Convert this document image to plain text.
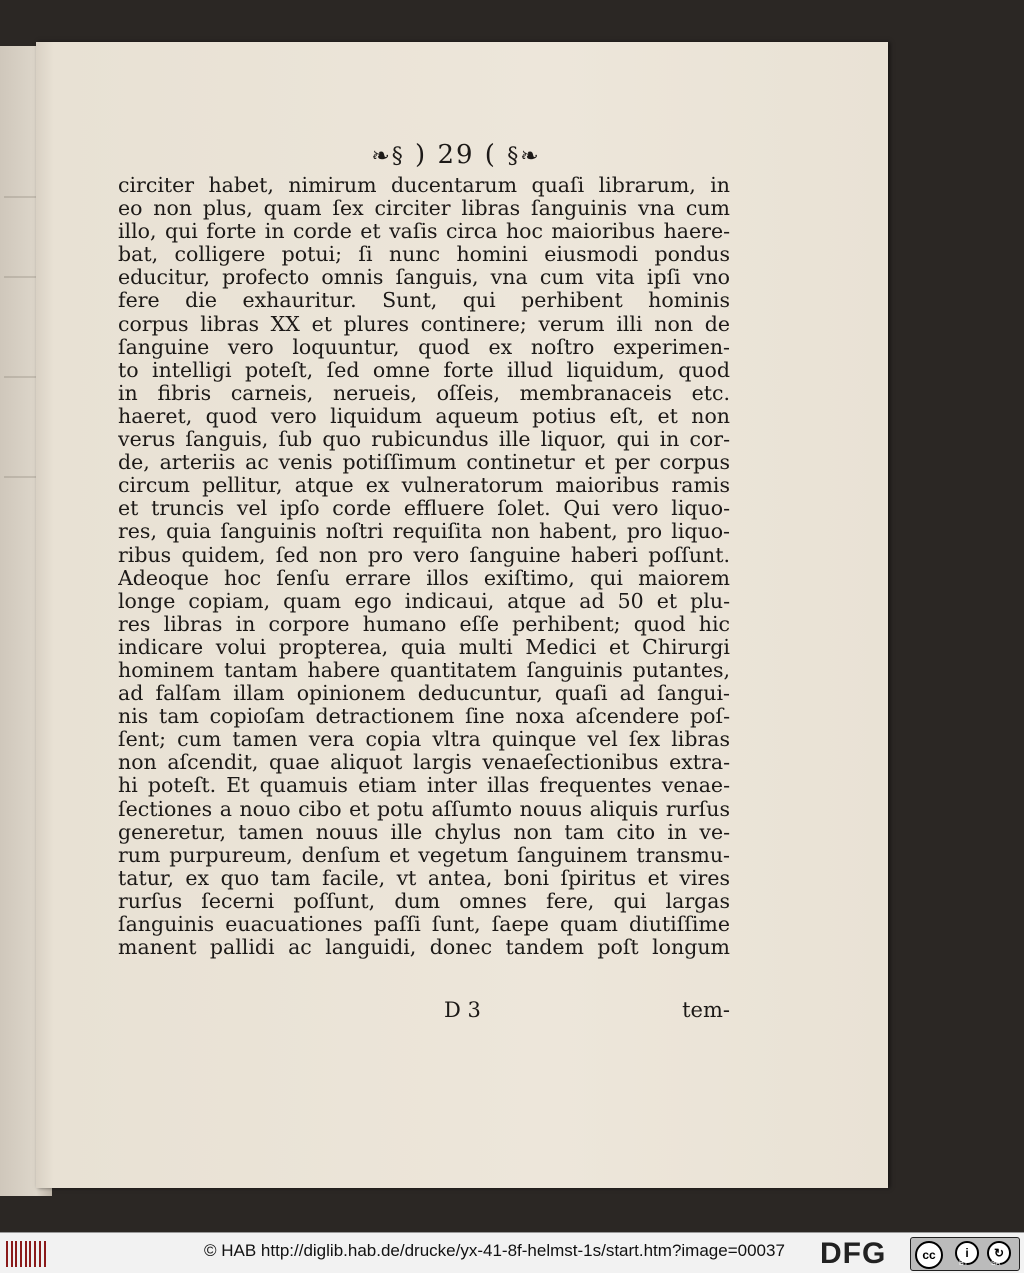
❧§ ) 29 ( §❧
circiter habet, nimirum ducentarum quaſi librarum, in
eo non plus, quam ſex circiter libras ſanguinis vna cum
illo, qui forte in corde et vaſis circa hoc maioribus haere-
bat, colligere potui; ſi nunc homini eiusmodi pondus
educitur, profecto omnis ſanguis, vna cum vita ipſi vno
fere die exhauritur. Sunt, qui perhibent hominis
corpus libras XX et plures continere; verum illi non de
ſanguine vero loquuntur, quod ex noſtro experimen-
to intelligi poteſt, ſed omne forte illud liquidum, quod
in fibris carneis, nerueis, oſſeis, membranaceis etc.
haeret, quod vero liquidum aqueum potius eſt, et non
verus ſanguis, ſub quo rubicundus ille liquor, qui in cor-
de, arteriis ac venis potiſſimum continetur et per corpus
circum pellitur, atque ex vulneratorum maioribus ramis
et truncis vel ipſo corde effluere ſolet. Qui vero liquo-
res, quia ſanguinis noſtri requiſita non habent, pro liquo-
ribus quidem, ſed non pro vero ſanguine haberi poſſunt.
Adeoque hoc ſenſu errare illos exiſtimo, qui maiorem
longe copiam, quam ego indicaui, atque ad 50 et plu-
res libras in corpore humano eſſe perhibent; quod hic
indicare volui propterea, quia multi Medici et Chirurgi
hominem tantam habere quantitatem ſanguinis putantes,
ad falſam illam opinionem deducuntur, quaſi ad ſangui-
nis tam copioſam detractionem ſine noxa aſcendere poſ-
ſent; cum tamen vera copia vltra quinque vel ſex libras
non aſcendit, quae aliquot largis venaeſectionibus extra-
hi poteſt. Et quamuis etiam inter illas frequentes venae-
ſectiones a nouo cibo et potu aſſumto nouus aliquis rurſus
generetur, tamen nouus ille chylus non tam cito in ve-
rum purpureum, denſum et vegetum ſanguinem transmu-
tatur, ex quo tam facile, vt antea, boni ſpiritus et vires
rurſus ſecerni poſſunt, dum omnes fere, qui largas
ſanguinis euacuationes paſſi ſunt, ſaepe quam diutiſſime
manent pallidi ac languidi, donec tandem poſt longum
D 3	tem-
© HAB http://diglib.hab.de/drucke/yx-41-8f-helmst-1s/start.htm?image=00037 DFG	cc	i	↻
BY	SA
